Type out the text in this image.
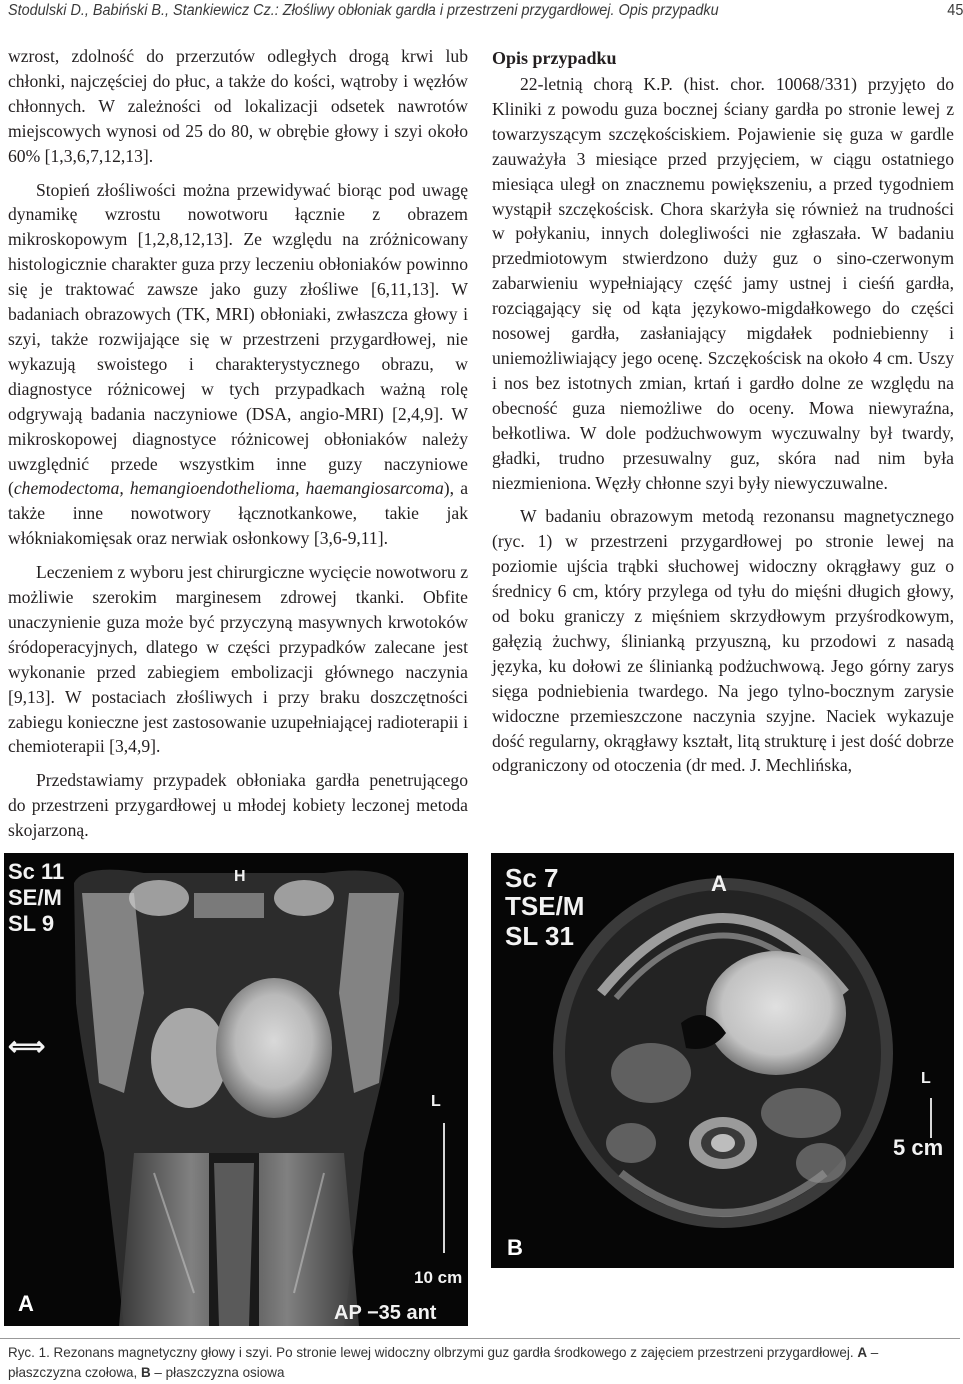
Stodulski D., Babiński B., Stankiewicz Cz.: Złośliwy obłoniak gardła i przestrzeni przygardłowej. Opis przypadku	45

wzrost, zdolność do przerzutów odległych drogą krwi lub chłonki, najczęściej do płuc, a także do kości, wątroby i węzłów chłonnych. W zależności od lokalizacji odsetek nawrotów miejscowych wynosi od 25 do 80, w obrębie głowy i szyi około 60% [1,3,6,7,12,13].

Stopień złośliwości można przewidywać biorąc pod uwagę dynamikę wzrostu nowotworu łącznie z obrazem mikroskopowym [1,2,8,12,13]. Ze względu na zróżnicowany histologicznie charakter guza przy leczeniu obłoniaków powinno się je traktować zawsze jako guzy złośliwe [6,11,13]. W badaniach obrazowych (TK, MRI) obłoniaki, zwłaszcza głowy i szyi, także rozwijające się w przestrzeni przygardłowej, nie wykazują swoistego i charakterystycznego obrazu, w diagnostyce różnicowej w tych przypadkach ważną rolę odgrywają badania naczyniowe (DSA, angio-MRI) [2,4,9]. W mikroskopowej diagnostyce różnicowej obłoniaków należy uwzględnić przede wszystkim inne guzy naczyniowe (chemodectoma, hemangioendothelioma, haemangiosarcoma), a także inne nowotwory łącznotkankowe, takie jak włókniakomięsak oraz nerwiak osłonkowy [3,6-9,11].

Leczeniem z wyboru jest chirurgiczne wycięcie nowotworu z możliwie szerokim marginesem zdrowej tkanki. Obfite unaczynienie guza może być przyczyną masywnych krwotoków śródoperacyjnych, dlatego w części przypadków zalecane jest wykonanie przed zabiegiem embolizacji głównego naczynia [9,13]. W postaciach złośliwych i przy braku doszczętności zabiegu konieczne jest zastosowanie uzupełniającej radioterapii i chemioterapii [3,4,9].

Przedstawiamy przypadek obłoniaka gardła penetrującego do przestrzeni przygardłowej u młodej kobiety leczonej metoda skojarzoną.

Opis przypadku

22-letnią chorą K.P. (hist. chor. 10068/331) przyjęto do Kliniki z powodu guza bocznej ściany gardła po stronie lewej z towarzyszącym szczękościskiem. Pojawienie się guza w gardle zauważyła 3 miesiące przed przyjęciem, w ciągu ostatniego miesiąca uległ on znacznemu powiększeniu, a przed tygodniem wystąpił szczękościsk. Chora skarżyła się również na trudności w połykaniu, innych dolegliwości nie zgłaszała. W badaniu przedmiotowym stwierdzono duży guz o sino-czerwonym zabarwieniu wypełniający część jamy ustnej i cieśń gardła, rozciągający się od kąta językowo-migdałkowego do części nosowej gardła, zasłaniający migdałek podniebienny i uniemożliwiający jego ocenę. Szczękościsk na około 4 cm. Uszy i nos bez istotnych zmian, krtań i gardło dolne ze względu na obecność guza niemożliwe do oceny. Mowa niewyraźna, bełkotliwa. W dole podżuchwowym wyczuwalny był twardy, gładki, trudno przesuwalny guz, skóra nad nim była niezmieniona. Węzły chłonne szyi były niewyczuwalne.

W badaniu obrazowym metodą rezonansu magnetycznego (ryc. 1) w przestrzeni przygardłowej po stronie lewej na poziomie ujścia trąbki słuchowej widoczny okrągławy guz o średnicy 6 cm, który przylega od tyłu do mięśni długich głowy, od boku graniczy z mięśniem skrzydłowym przyśrodkowym, gałęzią żuchwy, ślinianką przyuszną, ku przodowi z nasadą języka, ku dołowi ze ślinianką podżuchwową. Jego górny zarys sięga podniebienia twardego. Na jego tylno-bocznym zarysie widoczne przemieszczone naczynia szyjne. Naciek wykazuje dość regularny, okrągławy kształt, litą strukturę i jest dość dobrze odgraniczony od otoczenia (dr med. J. Mechlińska,

Sc 11
SE/M
SL 9
H
⟺
L
10 cm
AP −35 ant
A
Sc 7
TSE/M
SL 31
A
L
5 cm
B
Ryc. 1. Rezonans magnetyczny głowy i szyi. Po stronie lewej widoczny olbrzymi guz gardła środkowego z zajęciem przestrzeni przygardłowej. A – płaszczyzna czołowa, B – płaszczyzna osiowa
